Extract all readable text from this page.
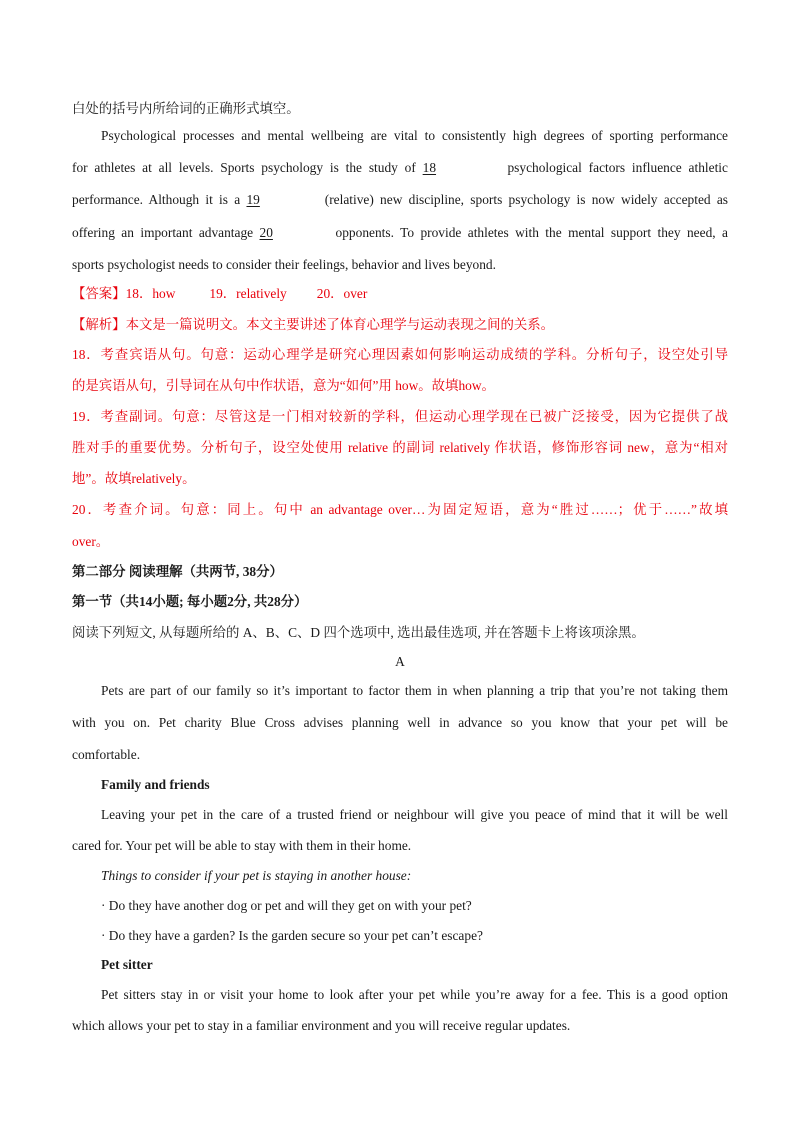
白处的括号内所给词的正确形式填空。
Psychological processes and mental wellbeing are vital to consistently high degrees of sporting performance
for athletes at all levels. Sports psychology is the study of 18	psychological factors influence athletic
performance. Although it is a 19	(relative) new discipline, sports psychology is now widely accepted as
offering an important advantage 20	opponents. To provide athletes with the mental support they need, a
sports psychologist needs to consider their feelings, behavior and lives beyond.
【答案】18．how	19．relatively 20．over
【解析】本文是一篇说明文。本文主要讲述了体育心理学与运动表现之间的关系。
18．考查宾语从句。句意：运动心理学是研究心理因素如何影响运动成绩的学科。分析句子，设空处引导
的是宾语从句，引导词在从句中作状语，意为“如何”用 how。故填how。
19．考查副词。句意：尽管这是一门相对较新的学科，但运动心理学现在已被广泛接受，因为它提供了战
胜对手的重要优势。分析句子，设空处使用 relative 的副词 relatively 作状语，修饰形容词 new，意为“相对
地”。故填relatively。
20．考查介词。句意：同上。句中 an advantage over…为固定短语，意为“胜过……；优于……”故填
over。
第二部分 阅读理解（共两节, 38分）
第一节（共14小题; 每小题2分, 共28分）
阅读下列短文, 从每题所给的 A、B、C、D 四个选项中, 选出最佳选项, 并在答题卡上将该项涂黑。
A
Pets are part of our family so it’s important to factor them in when planning a trip that you’re not taking them
with you on. Pet charity Blue Cross advises planning well in advance so you know that your pet will be
comfortable.
Family and friends
Leaving your pet in the care of a trusted friend or neighbour will give you peace of mind that it will be well
cared for. Your pet will be able to stay with them in their home.
Things to consider if your pet is staying in another house:
· Do they have another dog or pet and will they get on with your pet?
· Do they have a garden? Is the garden secure so your pet can’t escape?
Pet sitter
Pet sitters stay in or visit your home to look after your pet while you’re away for a fee. This is a good option
which allows your pet to stay in a familiar environment and you will receive regular updates.
